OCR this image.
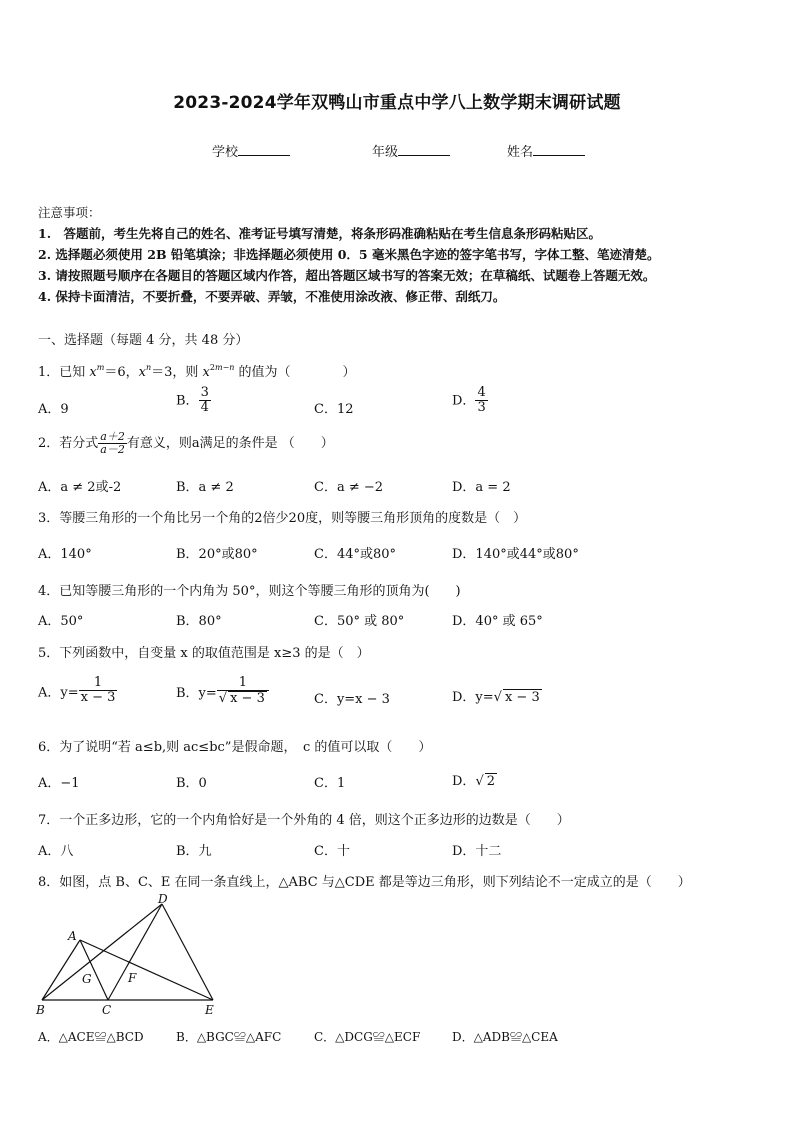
2023-2024学年双鸭山市重点中学八上数学期末调研试题
学校	年级	姓名
注意事项：
1.　答题前，考生先将自己的姓名、准考证号填写清楚，将条形码准确粘贴在考生信息条形码粘贴区。
2. 选择题必须使用 2B 铅笔填涂；非选择题必须使用 0．5 毫米黑色字迹的签字笔书写，字体工整、笔迹清楚。
3. 请按照题号顺序在各题目的答题区域内作答，超出答题区域书写的答案无效；在草稿纸、试题卷上答题无效。
4. 保持卡面清洁，不要折叠，不要弄破、弄皱，不准使用涂改液、修正带、刮纸刀。
一、选择题（每题 4 分，共 48 分）
1．已知 $x^m=6$，$x^n=3$，则 $x^{2m-n}$ 的值为（　　　　）
A．9
B． $\frac{3}{4}$	C．12
D． $\frac{4}{3}$
2．若分式 $\frac{a+2}{a-2}$ 有意义，则a满足的条件是 （　　）
A．a ≠ 2或-2	B．a ≠ 2	C．a ≠ −2	D．a = 2
3．等腰三角形的一个角比另一个角的2倍少20度，则等腰三角形顶角的度数是（　）
A．140°	B．20°或80°	C．44°或80°	D．140°或44°或80°
4．已知等腰三角形的一个内角为 50°，则这个等腰三角形的顶角为(　　)
A．50°	B．80°	C．50° 或 80°	D．40° 或 65°
5．下列函数中，自变量 x 的取值范围是 x≥3 的是（　）
A．$y= \frac{1}{x - 3}$	B．$y= \frac{1}{√ x - 3}$	C．y=x − 3	D．y=√ x − 3
6．为了说明“若 a≤b,则 ac≤bc”是假命题，　c 的值可以取（　　）
A．−1	B．0	C．1	D．√ 2
7．一个正多边形，它的一个内角恰好是一个外角的 4 倍，则这个正多边形的边数是（　　）
A．八	B．九	C．十	D．十二
8．如图，点 B、C、E 在同一条直线上，△ABC 与△CDE 都是等边三角形，则下列结论不一定成立的是（　　）
A
B	C
D
E
F
G
A．△ACE≌△BCD	B．△BGC≌△AFC	C．△DCG≌△ECF	D．△ADB≌△CEA
